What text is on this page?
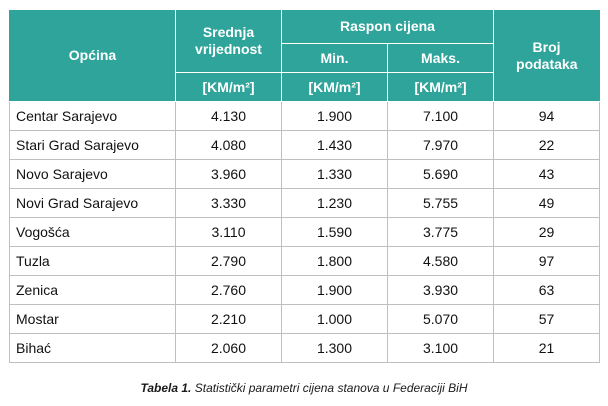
Općina	Srednja vrijednost	Raspon cijena		Broj podataka
		Min.	Maks.	
	[KM/m²]	[KM/m²]	[KM/m²]	
Centar Sarajevo	4.130	1.900	7.100	94
Stari Grad Sarajevo	4.080	1.430	7.970	22
Novo Sarajevo	3.960	1.330	5.690	43
Novi Grad Sarajevo	3.330	1.230	5.755	49
Vogošća	3.110	1.590	3.775	29
Tuzla	2.790	1.800	4.580	97
Zenica	2.760	1.900	3.930	63
Mostar	2.210	1.000	5.070	57
Bihać	2.060	1.300	3.100	21
Tabela 1. Statistički parametri cijena stanova u Federaciji BiH
